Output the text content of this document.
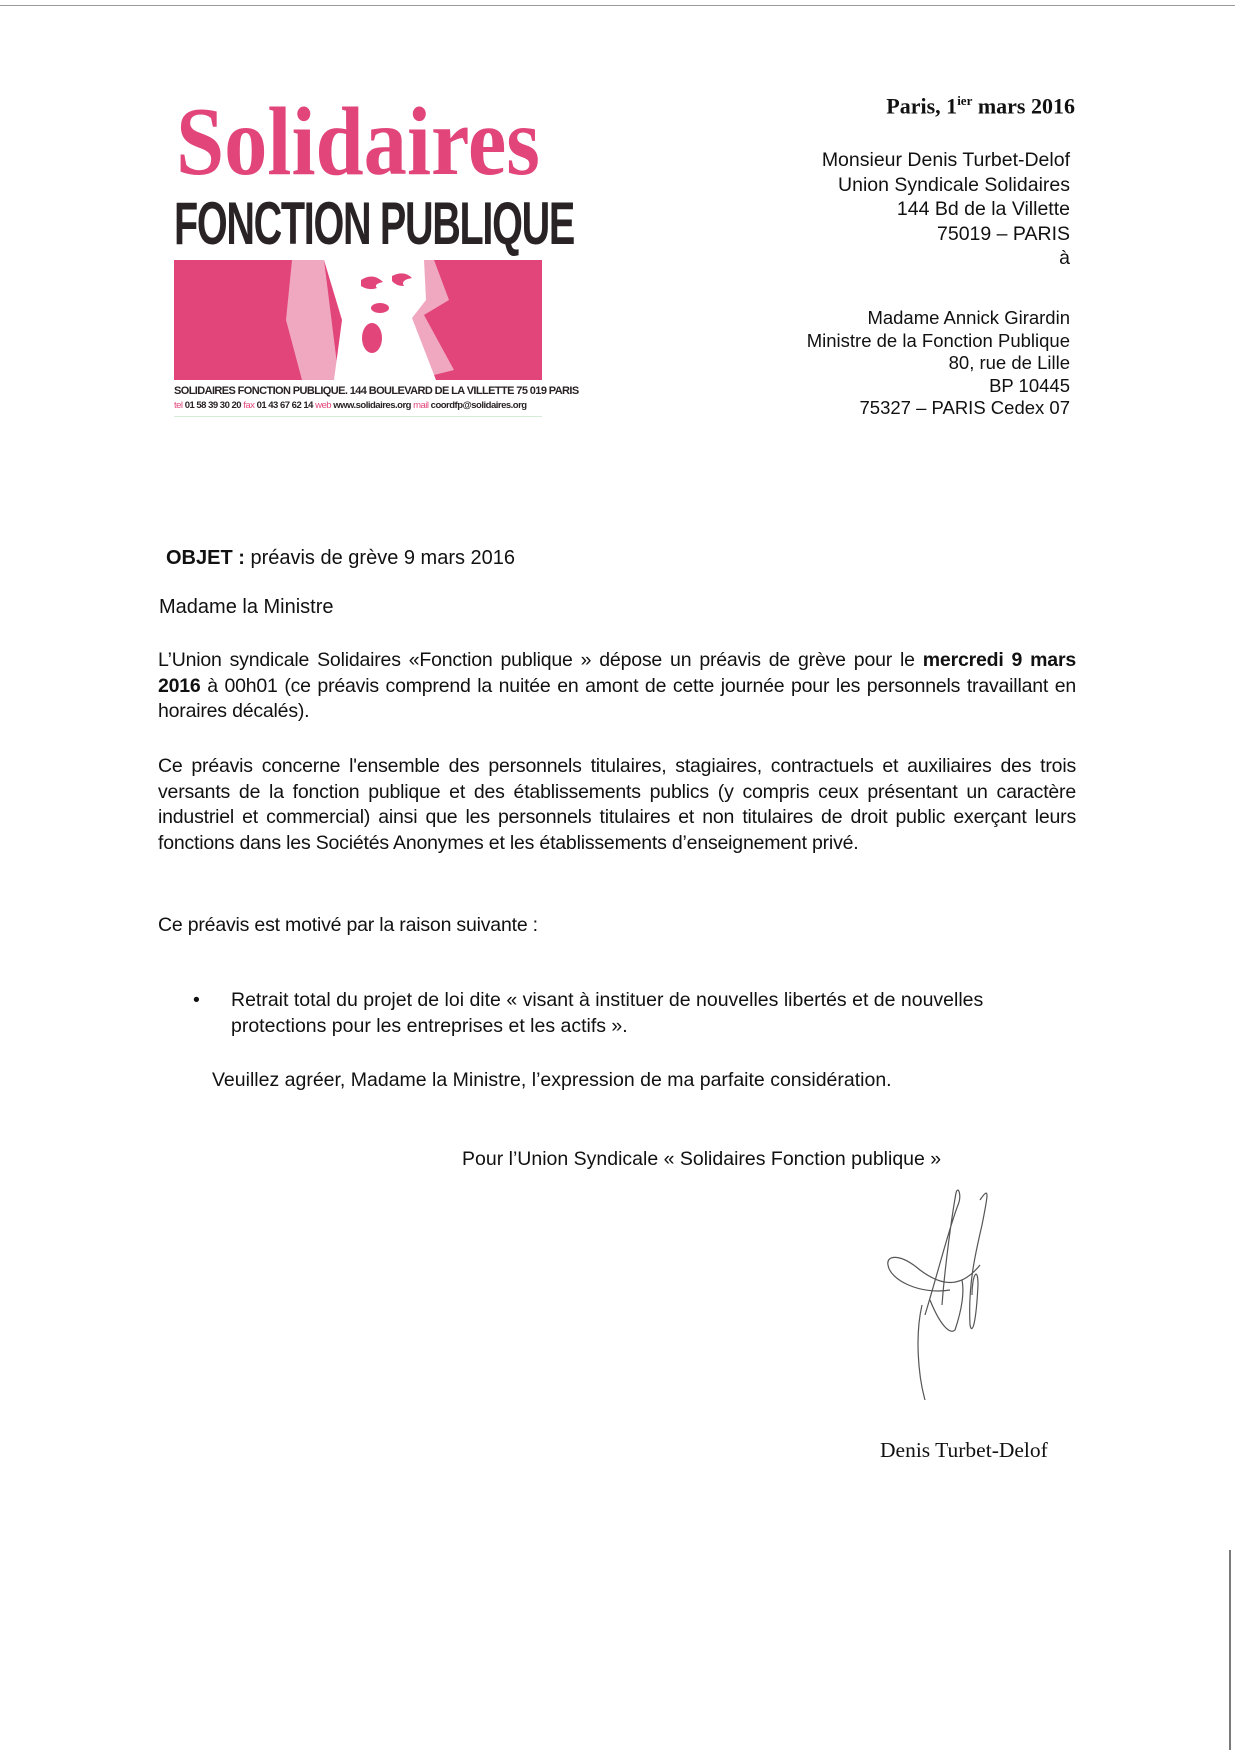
Solidaires
FONCTION PUBLIQUE
SOLIDAIRES FONCTION PUBLIQUE. 144 BOULEVARD DE LA VILLETTE 75 019 PARIS
tel 01 58 39 30 20 fax 01 43 67 62 14 web www.solidaires.org mail coordfp@solidaires.org
Paris, $1^{ier}$ mars 2016
Monsieur Denis Turbet-Delof
Union Syndicale Solidaires
144 Bd de la Villette
75019 – PARIS
à
Madame Annick Girardin
Ministre de la Fonction Publique
80, rue de Lille
BP 10445
75327 – PARIS Cedex 07
OBJET : préavis de grève 9 mars 2016
Madame la Ministre
L’Union syndicale Solidaires «Fonction publique » dépose un préavis de grève pour le mercredi 9 mars 2016 à 00h01 (ce préavis comprend la nuitée en amont de cette journée pour les personnels travaillant en horaires décalés).
Ce préavis concerne l'ensemble des personnels titulaires, stagiaires, contractuels et auxiliaires des trois versants de la fonction publique et des établissements publics (y compris ceux présentant un caractère industriel et commercial) ainsi que les personnels titulaires et non titulaires de droit public exerçant leurs fonctions dans les Sociétés Anonymes et les établissements d’enseignement privé.
Ce préavis est motivé par la raison suivante :
• Retrait total du projet de loi dite « visant à instituer de nouvelles libertés et de nouvelles protections pour les entreprises et les actifs ».
Veuillez agréer, Madame la Ministre, l’expression de ma parfaite considération.
Pour l’Union Syndicale « Solidaires Fonction publique »
Denis Turbet-Delof
